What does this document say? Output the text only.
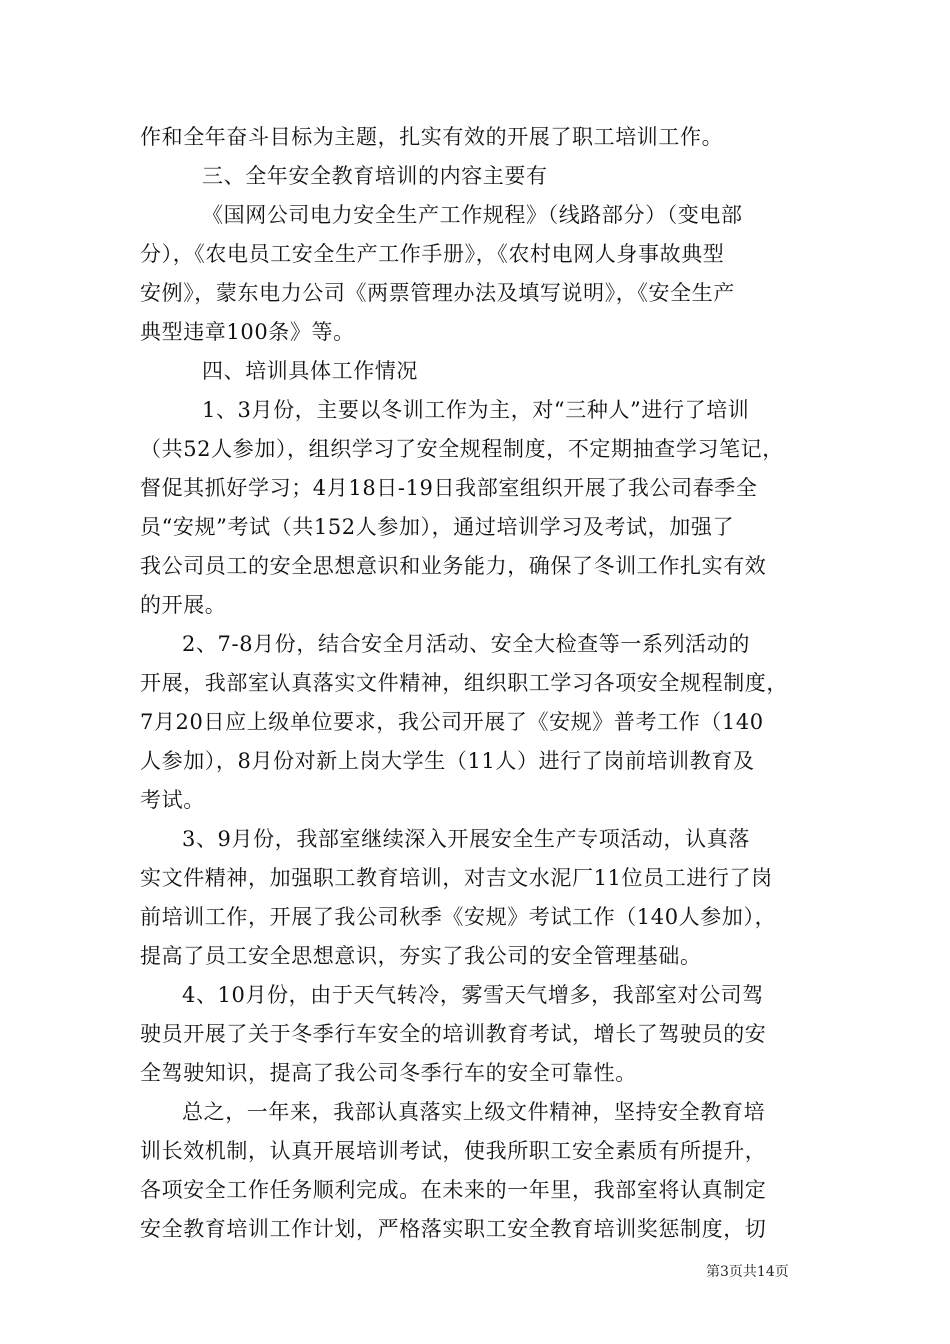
作和全年奋斗目标为主题，扎实有效的开展了职工培训工作。
三、全年安全教育培训的内容主要有
《国网公司电力安全生产工作规程》（线路部分）（变电部
分），《农电员工安全生产工作手册》，《农村电网人身事故典型
安例》，蒙东电力公司《两票管理办法及填写说明》，《安全生产
典型违章100条》等。
四、培训具体工作情况
1、3月份，主要以冬训工作为主，对“三种人”进行了培训
（共52人参加），组织学习了安全规程制度，不定期抽查学习笔记，
督促其抓好学习；4月18日-19日我部室组织开展了我公司春季全
员“安规”考试（共152人参加），通过培训学习及考试，加强了
我公司员工的安全思想意识和业务能力，确保了冬训工作扎实有效
的开展。
2、7-8月份，结合安全月活动、安全大检查等一系列活动的
开展，我部室认真落实文件精神，组织职工学习各项安全规程制度，
7月20日应上级单位要求，我公司开展了《安规》普考工作（140
人参加），8月份对新上岗大学生（11人）进行了岗前培训教育及
考试。
3、9月份，我部室继续深入开展安全生产专项活动，认真落
实文件精神，加强职工教育培训，对吉文水泥厂11位员工进行了岗
前培训工作，开展了我公司秋季《安规》考试工作（140人参加），
提高了员工安全思想意识，夯实了我公司的安全管理基础。
4、10月份，由于天气转冷，雾雪天气增多，我部室对公司驾
驶员开展了关于冬季行车安全的培训教育考试，增长了驾驶员的安
全驾驶知识，提高了我公司冬季行车的安全可靠性。
总之，一年来，我部认真落实上级文件精神，坚持安全教育培
训长效机制，认真开展培训考试，使我所职工安全素质有所提升，
各项安全工作任务顺利完成。在未来的一年里，我部室将认真制定
安全教育培训工作计划，严格落实职工安全教育培训奖惩制度，切
第3页共14页
